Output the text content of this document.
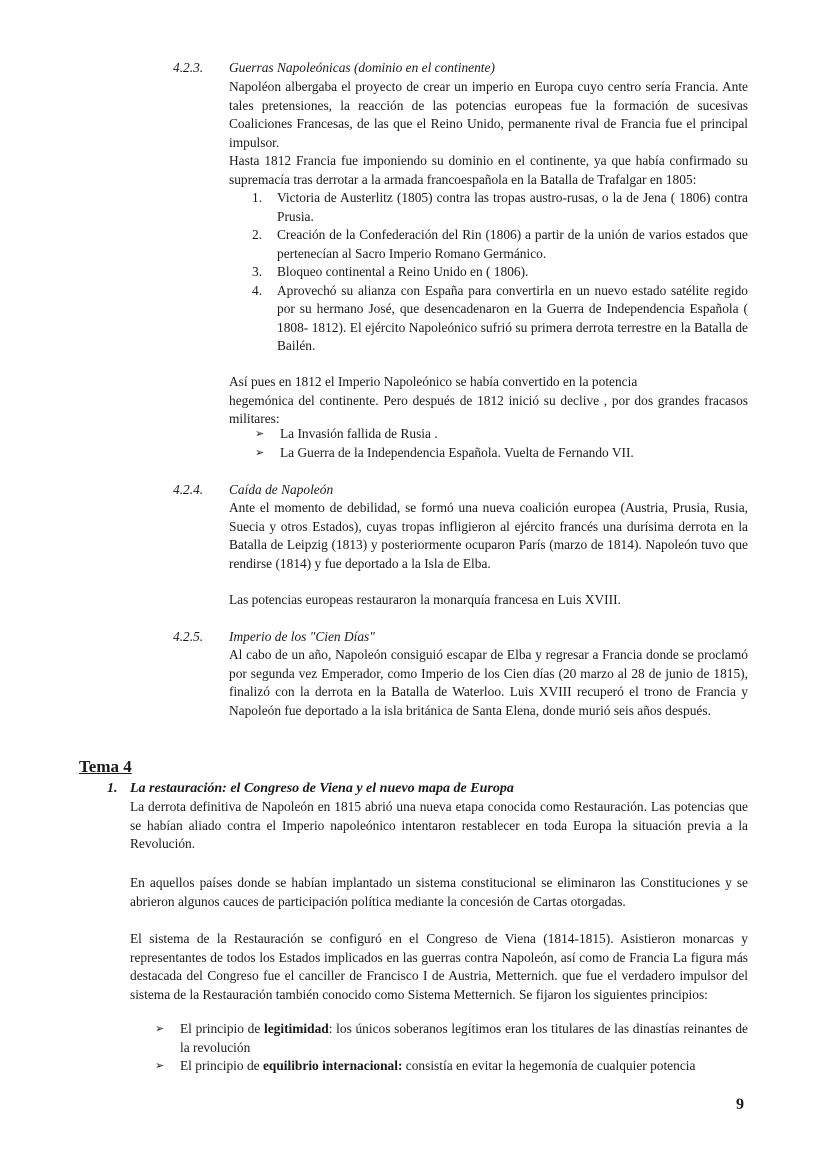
4.2.3. Guerras Napoleónicas (dominio en el continente)
Napoléon albergaba el proyecto de crear un imperio en Europa cuyo centro sería Francia. Ante tales pretensiones, la reacción de las potencias europeas fue la formación de sucesivas Coaliciones Francesas, de las que el Reino Unido, permanente rival de Francia fue el principal impulsor.
Hasta 1812 Francia fue imponiendo su dominio en el continente, ya que había confirmado su supremacía tras derrotar a la armada francoespañola en la Batalla de Trafalgar en 1805:
1. Victoria de Austerlitz (1805) contra las tropas austro-rusas, o la de Jena ( 1806) contra Prusia.
2. Creación de la Confederación del Rin (1806) a partir de la unión de varios estados que pertenecían al Sacro Imperio Romano Germánico.
3. Bloqueo continental a Reino Unido en ( 1806).
4. Aprovechó su alianza con España para convertirla en un nuevo estado satélite regido por su hermano José, que desencadenaron en la Guerra de Independencia Española ( 1808- 1812). El ejército Napoleónico sufrió su primera derrota terrestre en la Batalla de Bailén.
Así pues en 1812 el Imperio Napoleónico se había convertido en la potencia
hegemónica del continente. Pero después de 1812 inició su declive , por dos grandes fracasos militares:
➢ La Invasión fallida de Rusia .
➢ La Guerra de la Independencia Española. Vuelta de Fernando VII.
4.2.4. Caída de Napoleón
Ante el momento de debilidad, se formó una nueva coalición europea (Austria, Prusia, Rusia, Suecia y otros Estados), cuyas tropas infligieron al ejército francés una durísima derrota en la Batalla de Leipzig (1813) y posteriormente ocuparon París (marzo de 1814). Napoleón tuvo que rendirse (1814) y fue deportado a la Isla de Elba.
Las potencias europeas restauraron la monarquía francesa en Luis XVIII.
4.2.5. Imperio de los "Cien Días"
Al cabo de un año, Napoleón consiguió escapar de Elba y regresar a Francia donde se proclamó por segunda vez Emperador, como Imperio de los Cien días (20 marzo al 28 de junio de 1815), finalizó con la derrota en la Batalla de Waterloo. Luis XVIII recuperó el trono de Francia y Napoleón fue deportado a la isla británica de Santa Elena, donde murió seis años después.
Tema 4
1. La restauración: el Congreso de Viena y el nuevo mapa de Europa
La derrota definitiva de Napoleón en 1815 abrió una nueva etapa conocida como Restauración. Las potencias que se habían aliado contra el Imperio napoleónico intentaron restablecer en toda Europa la situación previa a la Revolución.
En aquellos países donde se habían implantado un sistema constitucional se eliminaron las Constituciones y se abrieron algunos cauces de participación política mediante la concesión de Cartas otorgadas.
El sistema de la Restauración se configuró en el Congreso de Viena (1814-1815). Asistieron monarcas y representantes de todos los Estados implicados en las guerras contra Napoleón, así como de Francia La figura más destacada del Congreso fue el canciller de Francisco I de Austria, Metternich. que fue el verdadero impulsor del sistema de la Restauración también conocido como Sistema Metternich. Se fijaron los siguientes principios:
➢ El principio de legitimidad: los únicos soberanos legítimos eran los titulares de las dinastías reinantes de la revolución
➢ El principio de equilibrio internacional: consistía en evitar la hegemonía de cualquier potencia
9
